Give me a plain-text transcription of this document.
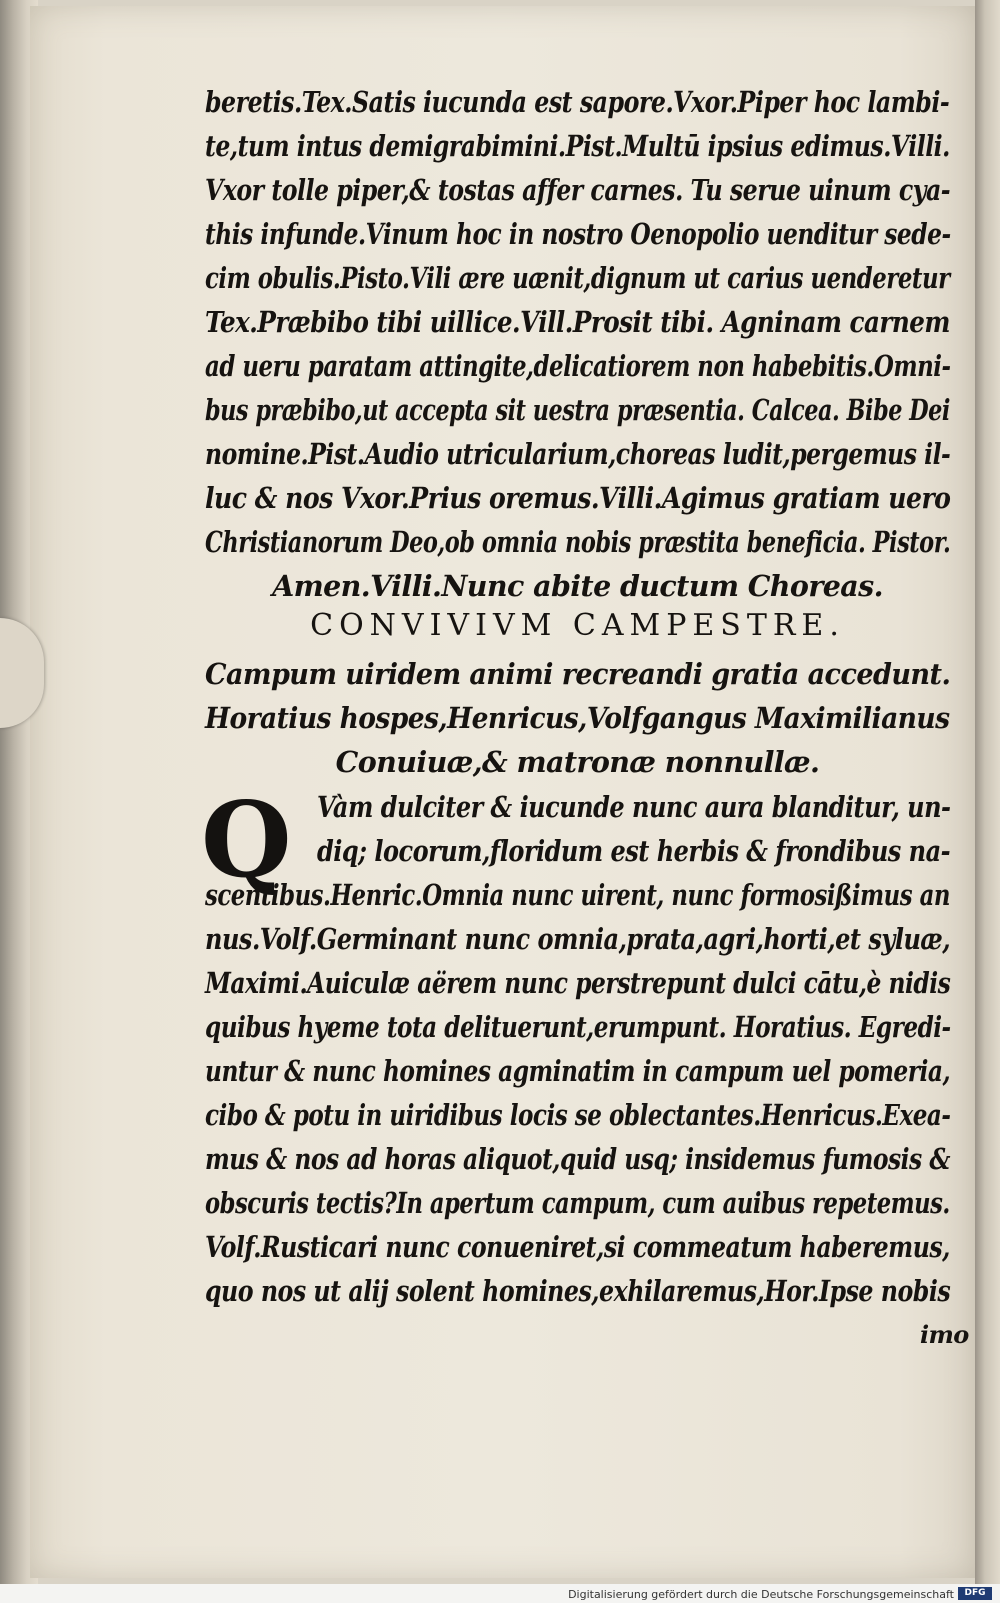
beretis.Tex.Satis iucunda est sapore.Vxor.Piper hoc lambi-
te,tum intus demigrabimini.Pist.Multū ipsius edimus.Villi.
Vxor tolle piper,& tostas affer carnes. Tu serue uinum cya-
this infunde.Vinum hoc in nostro Oenopolio uenditur sede-
cim obulis.Pisto.Vili ære uænit,dignum ut carius uenderetur
Tex.Præbibo tibi uillice.Vill.Prosit tibi. Agninam carnem
ad ueru paratam attingite,delicatiorem non habebitis.Omni-
bus præbibo,ut accepta sit uestra præsentia. Calcea. Bibe Dei
nomine.Pist.Audio utricularium,choreas ludit,pergemus il-
luc & nos Vxor.Prius oremus.Villi.Agimus gratiam uero
Christianorum Deo,ob omnia nobis præstita beneficia. Pistor.
Amen.Villi.Nunc abite ductum Choreas.
CONVIVIVM CAMPESTRE.
Campum uiridem animi recreandi gratia accedunt.
Horatius hospes,Henricus,Volfgangus Maximilianus
Conuiuæ,& matronæ nonnullæ.
Q Vàm dulciter & iucunde nunc aura blanditur, un-
diq; locorum,floridum est herbis & frondibus na-
scentibus.Henric.Omnia nunc uirent, nunc formosißimus an
nus.Volf.Germinant nunc omnia,prata,agri,horti,et syluæ,
Maximi.Auiculæ aërem nunc perstrepunt dulci cātu,è nidis
quibus hyeme tota delituerunt,erumpunt. Horatius. Egredi-
untur & nunc homines agminatim in campum uel pomeria,
cibo & potu in uiridibus locis se oblectantes.Henricus.Exea-
mus & nos ad horas aliquot,quid usq; insidemus fumosis &
obscuris tectis?In apertum campum, cum auibus repetemus.
Volf.Rusticari nunc conueniret,si commeatum haberemus,
quo nos ut alij solent homines,exhilaremus,Hor.Ipse nobis
imo
Digitalisierung gefördert durch die Deutsche Forschungsgemeinschaft	DFG
